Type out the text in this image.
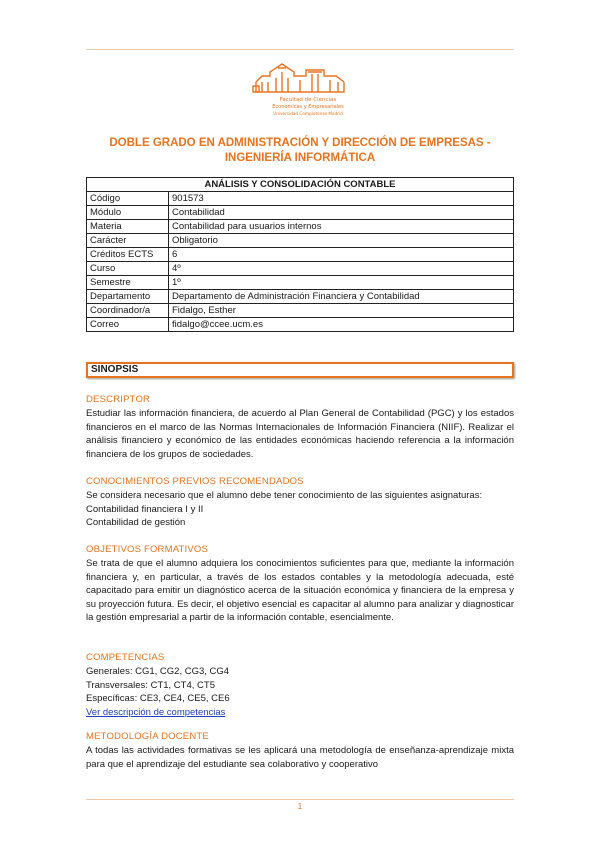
Facultad de Ciencias
Económicas y Empresariales
Universidad Complutense Madrid
DOBLE GRADO EN ADMINISTRACIÓN Y DIRECCIÓN DE EMPRESAS - INGENIERÍA INFORMÁTICA
ANÁLISIS Y CONSOLIDACIÓN CONTABLE	
Código	901573
Módulo	Contabilidad
Materia	Contabilidad para usuarios internos
Carácter	Obligatorio
Créditos ECTS	6
Curso	4º
Semestre	1º
Departamento	Departamento de Administración Financiera y Contabilidad
Coordinador/a	Fidalgo, Esther
Correo	fidalgo@ccee.ucm.es
SINOPSIS
DESCRIPTOR

Estudiar las información financiera, de acuerdo al Plan General de Contabilidad (PGC) y los estados financieros en el marco de las Normas Internacionales de Información Financiera (NIIF). Realizar el análisis financiero y económico de las entidades económicas haciendo referencia a la información financiera de los grupos de sociedades.

CONOCIMIENTOS PREVIOS RECOMENDADOS
Se considera necesario que el alumno debe tener conocimiento de las siguientes asignaturas:
Contabilidad financiera I y II
Contabilidad de gestión
OBJETIVOS FORMATIVOS

Se trata de que el alumno adquiera los conocimientos suficientes para que, mediante la información financiera y, en particular, a través de los estados contables y la metodología adecuada, esté capacitado para emitir un diagnóstico acerca de la situación económica y financiera de la empresa y su proyección futura. Es decir, el objetivo esencial es capacitar al alumno para analizar y diagnosticar la gestión empresarial a partir de la información contable, esencialmente.

COMPETENCIAS
Generales: CG1, CG2, CG3, CG4
Transversales: CT1, CT4, CT5
Específicas: CE3, CE4, CE5, CE6
Ver descripción de competencias
METODOLOGÍA DOCENTE

A todas las actividades formativas se les aplicará una metodología de enseñanza-aprendizaje mixta para que el aprendizaje del estudiante sea colaborativo y cooperativo

1
